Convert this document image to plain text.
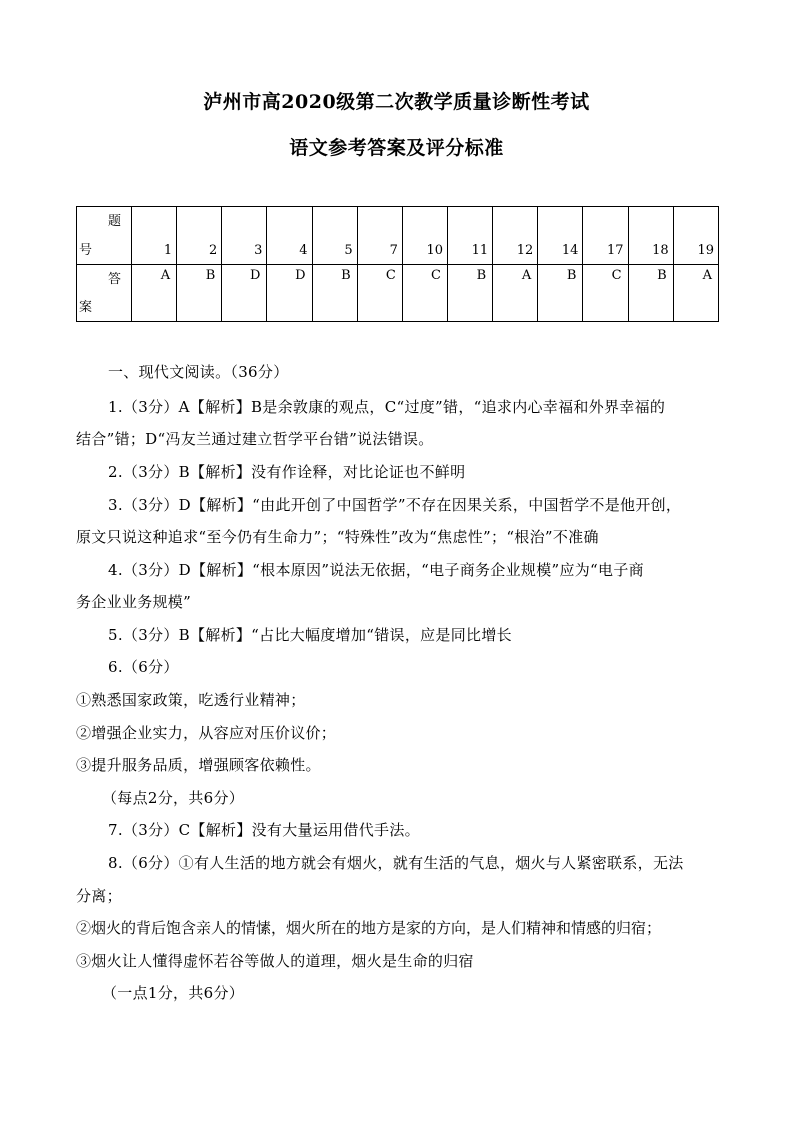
泸州市高2020级第二次教学质量诊断性考试
语文参考答案及评分标准
题
号	1	2	3	4	5	7	10	11	12	14	17	18	19

答
案	A	B	D	D	B	C	C	B	A	B	C	B	A
一、现代文阅读。（36分）
1.（3分）A【解析】B是余敦康的观点，C“过度”错，“追求内心幸福和外界幸福的
结合”错；D“冯友兰通过建立哲学平台错”说法错误。
2.（3分）B【解析】没有作诠释，对比论证也不鲜明
3.（3分）D【解析】“由此开创了中国哲学”不存在因果关系，中国哲学不是他开创，
原文只说这种追求“至今仍有生命力”；“特殊性”改为“焦虑性”；“根治”不准确
4.（3分）D【解析】“根本原因”说法无依据，“电子商务企业规模”应为“电子商
务企业业务规模”
5.（3分）B【解析】“占比大幅度增加“错误，应是同比增长
6.（6分）
①熟悉国家政策，吃透行业精神；
②增强企业实力，从容应对压价议价；
③提升服务品质，增强顾客依赖性。
（每点2分，共6分）
7.（3分）C【解析】没有大量运用借代手法。
8.（6分）①有人生活的地方就会有烟火，就有生活的气息，烟火与人紧密联系，无法
分离；
②烟火的背后饱含亲人的情愫，烟火所在的地方是家的方向，是人们精神和情感的归宿；
③烟火让人懂得虚怀若谷等做人的道理，烟火是生命的归宿
（一点1分，共6分）
